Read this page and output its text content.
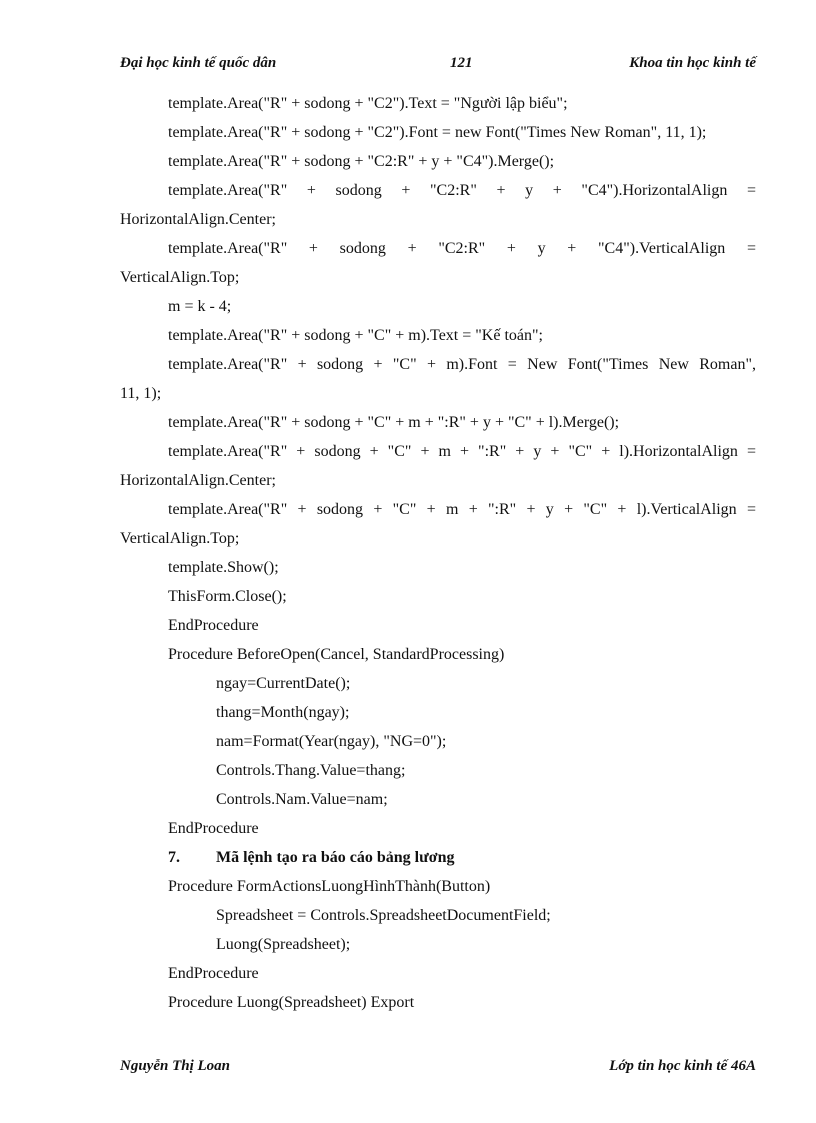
Đại học kinh tế quốc dân	121	Khoa tin học kinh tế

template.Area("R" + sodong + "C2").Text = "Người lập biểu";

template.Area("R" + sodong + "C2").Font = new Font("Times New Roman", 11, 1);

template.Area("R" + sodong + "C2:R" + y + "C4").Merge();

template.Area("R" + sodong + "C2:R" + y + "C4").HorizontalAlign =

HorizontalAlign.Center;

template.Area("R" + sodong + "C2:R" + y + "C4").VerticalAlign =

VerticalAlign.Top;

m = k - 4;

template.Area("R" + sodong + "C" + m).Text = "Kế toán";

template.Area("R" + sodong + "C" + m).Font = New Font("Times New Roman",

11, 1);

template.Area("R" + sodong + "C" + m + ":R" + y + "C" + l).Merge();

template.Area("R" + sodong + "C" + m + ":R" + y + "C" + l).HorizontalAlign =

HorizontalAlign.Center;

template.Area("R" + sodong + "C" + m + ":R" + y + "C" + l).VerticalAlign =

VerticalAlign.Top;

template.Show();

ThisForm.Close();

EndProcedure

Procedure BeforeOpen(Cancel, StandardProcessing)

ngay=CurrentDate();

thang=Month(ngay);

nam=Format(Year(ngay), "NG=0");

Controls.Thang.Value=thang;

Controls.Nam.Value=nam;

EndProcedure

7. Mã lệnh tạo ra báo cáo bảng lương

Procedure FormActionsLuongHìnhThành(Button)

Spreadsheet = Controls.SpreadsheetDocumentField;

Luong(Spreadsheet);

EndProcedure

Procedure Luong(Spreadsheet) Export

Nguyễn Thị Loan	Lớp tin học kinh tế 46A
